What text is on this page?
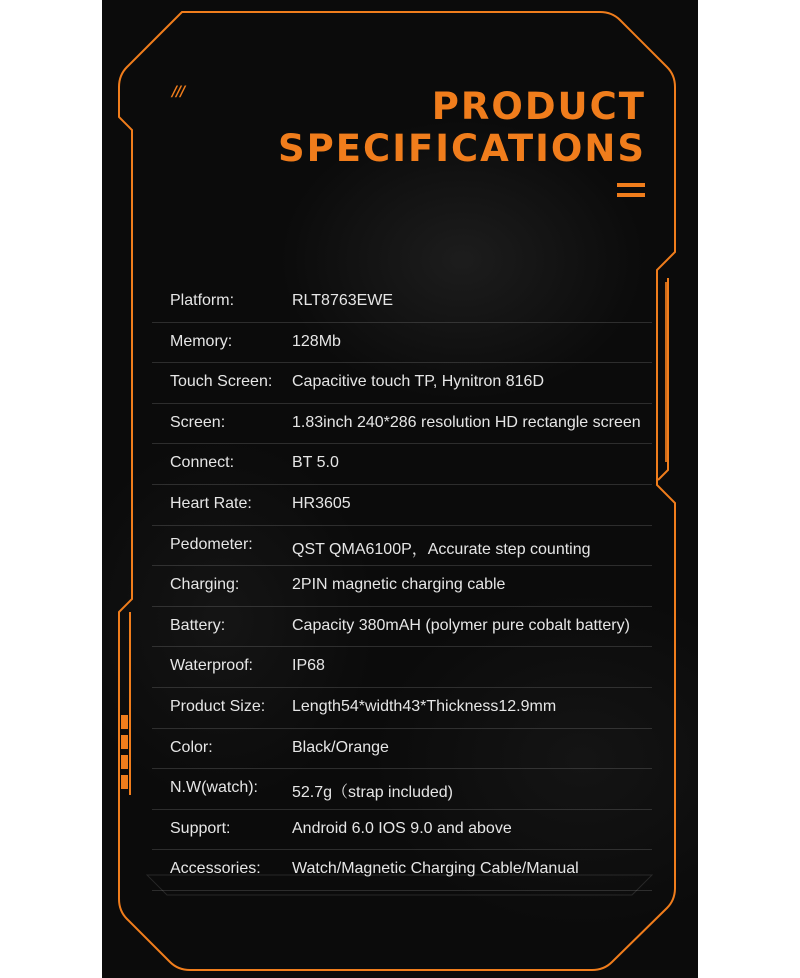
///	PRODUCT
SPECIFICATIONS
Platform:	RLT8763EWE
Memory:	128Mb
Touch Screen: Capacitive touch TP, Hynitron 816D
Screen:	1.83inch 240*286 resolution HD rectangle screen
Connect:	BT 5.0
Heart Rate:	HR3605
Pedometer: QST QMA6100P，Accurate step counting
Charging:	2PIN magnetic charging cable
Battery:	Capacity 380mAH (polymer pure cobalt battery)
Waterproof: IP68
Product Size: Length54*width43*Thickness12.9mm
Color:	Black/Orange
N.W(watch): 52.7g（strap included)
Support:	Android 6.0 IOS 9.0 and above
Accessories: Watch/Magnetic Charging Cable/Manual
